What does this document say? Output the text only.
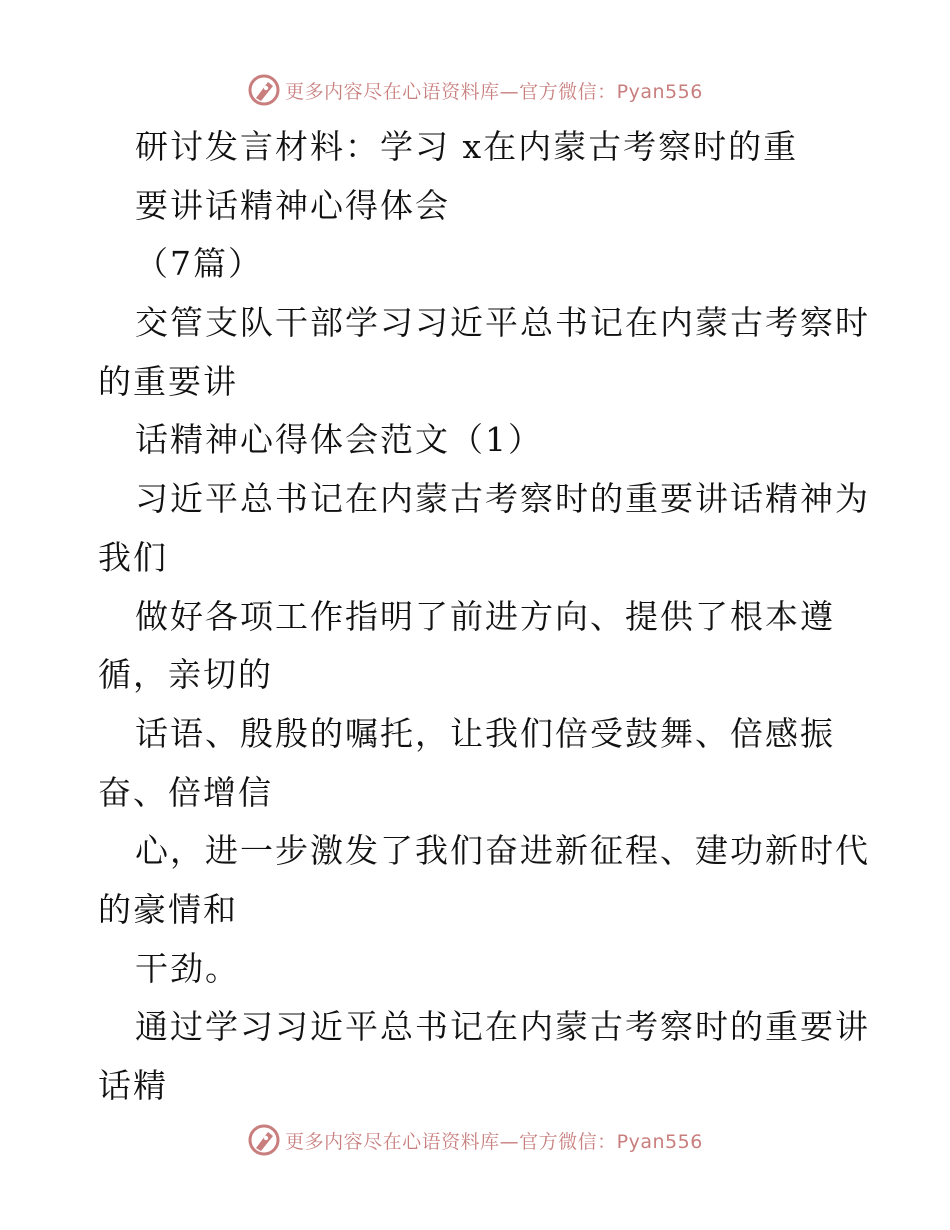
更多内容尽在心语资料库—官方微信：Pyan556
研讨发言材料：学习 x在内蒙古考察时的重
要讲话精神心得体会
（7篇）
交管支队干部学习习近平总书记在内蒙古考察时
的重要讲
话精神心得体会范文（1）
习近平总书记在内蒙古考察时的重要讲话精神为
我们
做好各项工作指明了前进方向、提供了根本遵
循，亲切的
话语、殷殷的嘱托，让我们倍受鼓舞、倍感振
奋、倍增信
心，进一步激发了我们奋进新征程、建功新时代
的豪情和
干劲。
通过学习习近平总书记在内蒙古考察时的重要讲
话精
更多内容尽在心语资料库—官方微信：Pyan556
